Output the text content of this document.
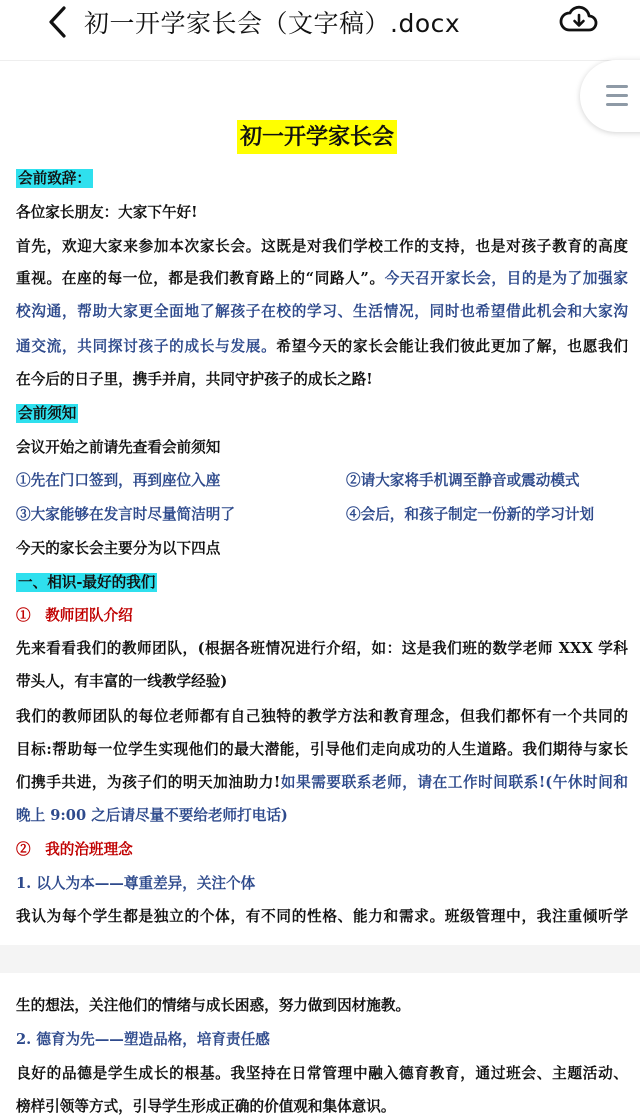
初一开学家长会（文字稿）.docx
初一开学家长会
会前致辞：
各位家长朋友：大家下午好!
首先，欢迎大家来参加本次家长会。这既是对我们学校工作的支持，也是对孩子教育的高度
重视。在座的每一位，都是我们教育路上的“同路人”。今天召开家长会，目的是为了加强家
校沟通，帮助大家更全面地了解孩子在校的学习、生活情况，同时也希望借此机会和大家沟
通交流，共同探讨孩子的成长与发展。希望今天的家长会能让我们彼此更加了解，也愿我们
在今后的日子里，携手并肩，共同守护孩子的成长之路!
会前须知
会议开始之前请先查看会前须知
①先在门口签到，再到座位入座	②请大家将手机调至静音或震动模式
③大家能够在发言时尽量简洁明了	④会后，和孩子制定一份新的学习计划
今天的家长会主要分为以下四点
一、相识-最好的我们
①　教师团队介绍
先来看看我们的教师团队，(根据各班情况进行介绍，如：这是我们班的数学老师 XXX 学科
带头人，有丰富的一线教学经验)
我们的教师团队的每位老师都有自己独特的教学方法和教育理念，但我们都怀有一个共同的
目标:帮助每一位学生实现他们的最大潜能，引导他们走向成功的人生道路。我们期待与家长
们携手共进，为孩子们的明天加油助力!如果需要联系老师，请在工作时间联系!(午休时间和
晚上 9:00 之后请尽量不要给老师打电话)
②　我的治班理念
1. 以人为本——尊重差异，关注个体
我认为每个学生都是独立的个体，有不同的性格、能力和需求。班级管理中，我注重倾听学
生的想法，关注他们的情绪与成长困惑，努力做到因材施教。
2. 德育为先——塑造品格，培育责任感
良好的品德是学生成长的根基。我坚持在日常管理中融入德育教育，通过班会、主题活动、
榜样引领等方式，引导学生形成正确的价值观和集体意识。
